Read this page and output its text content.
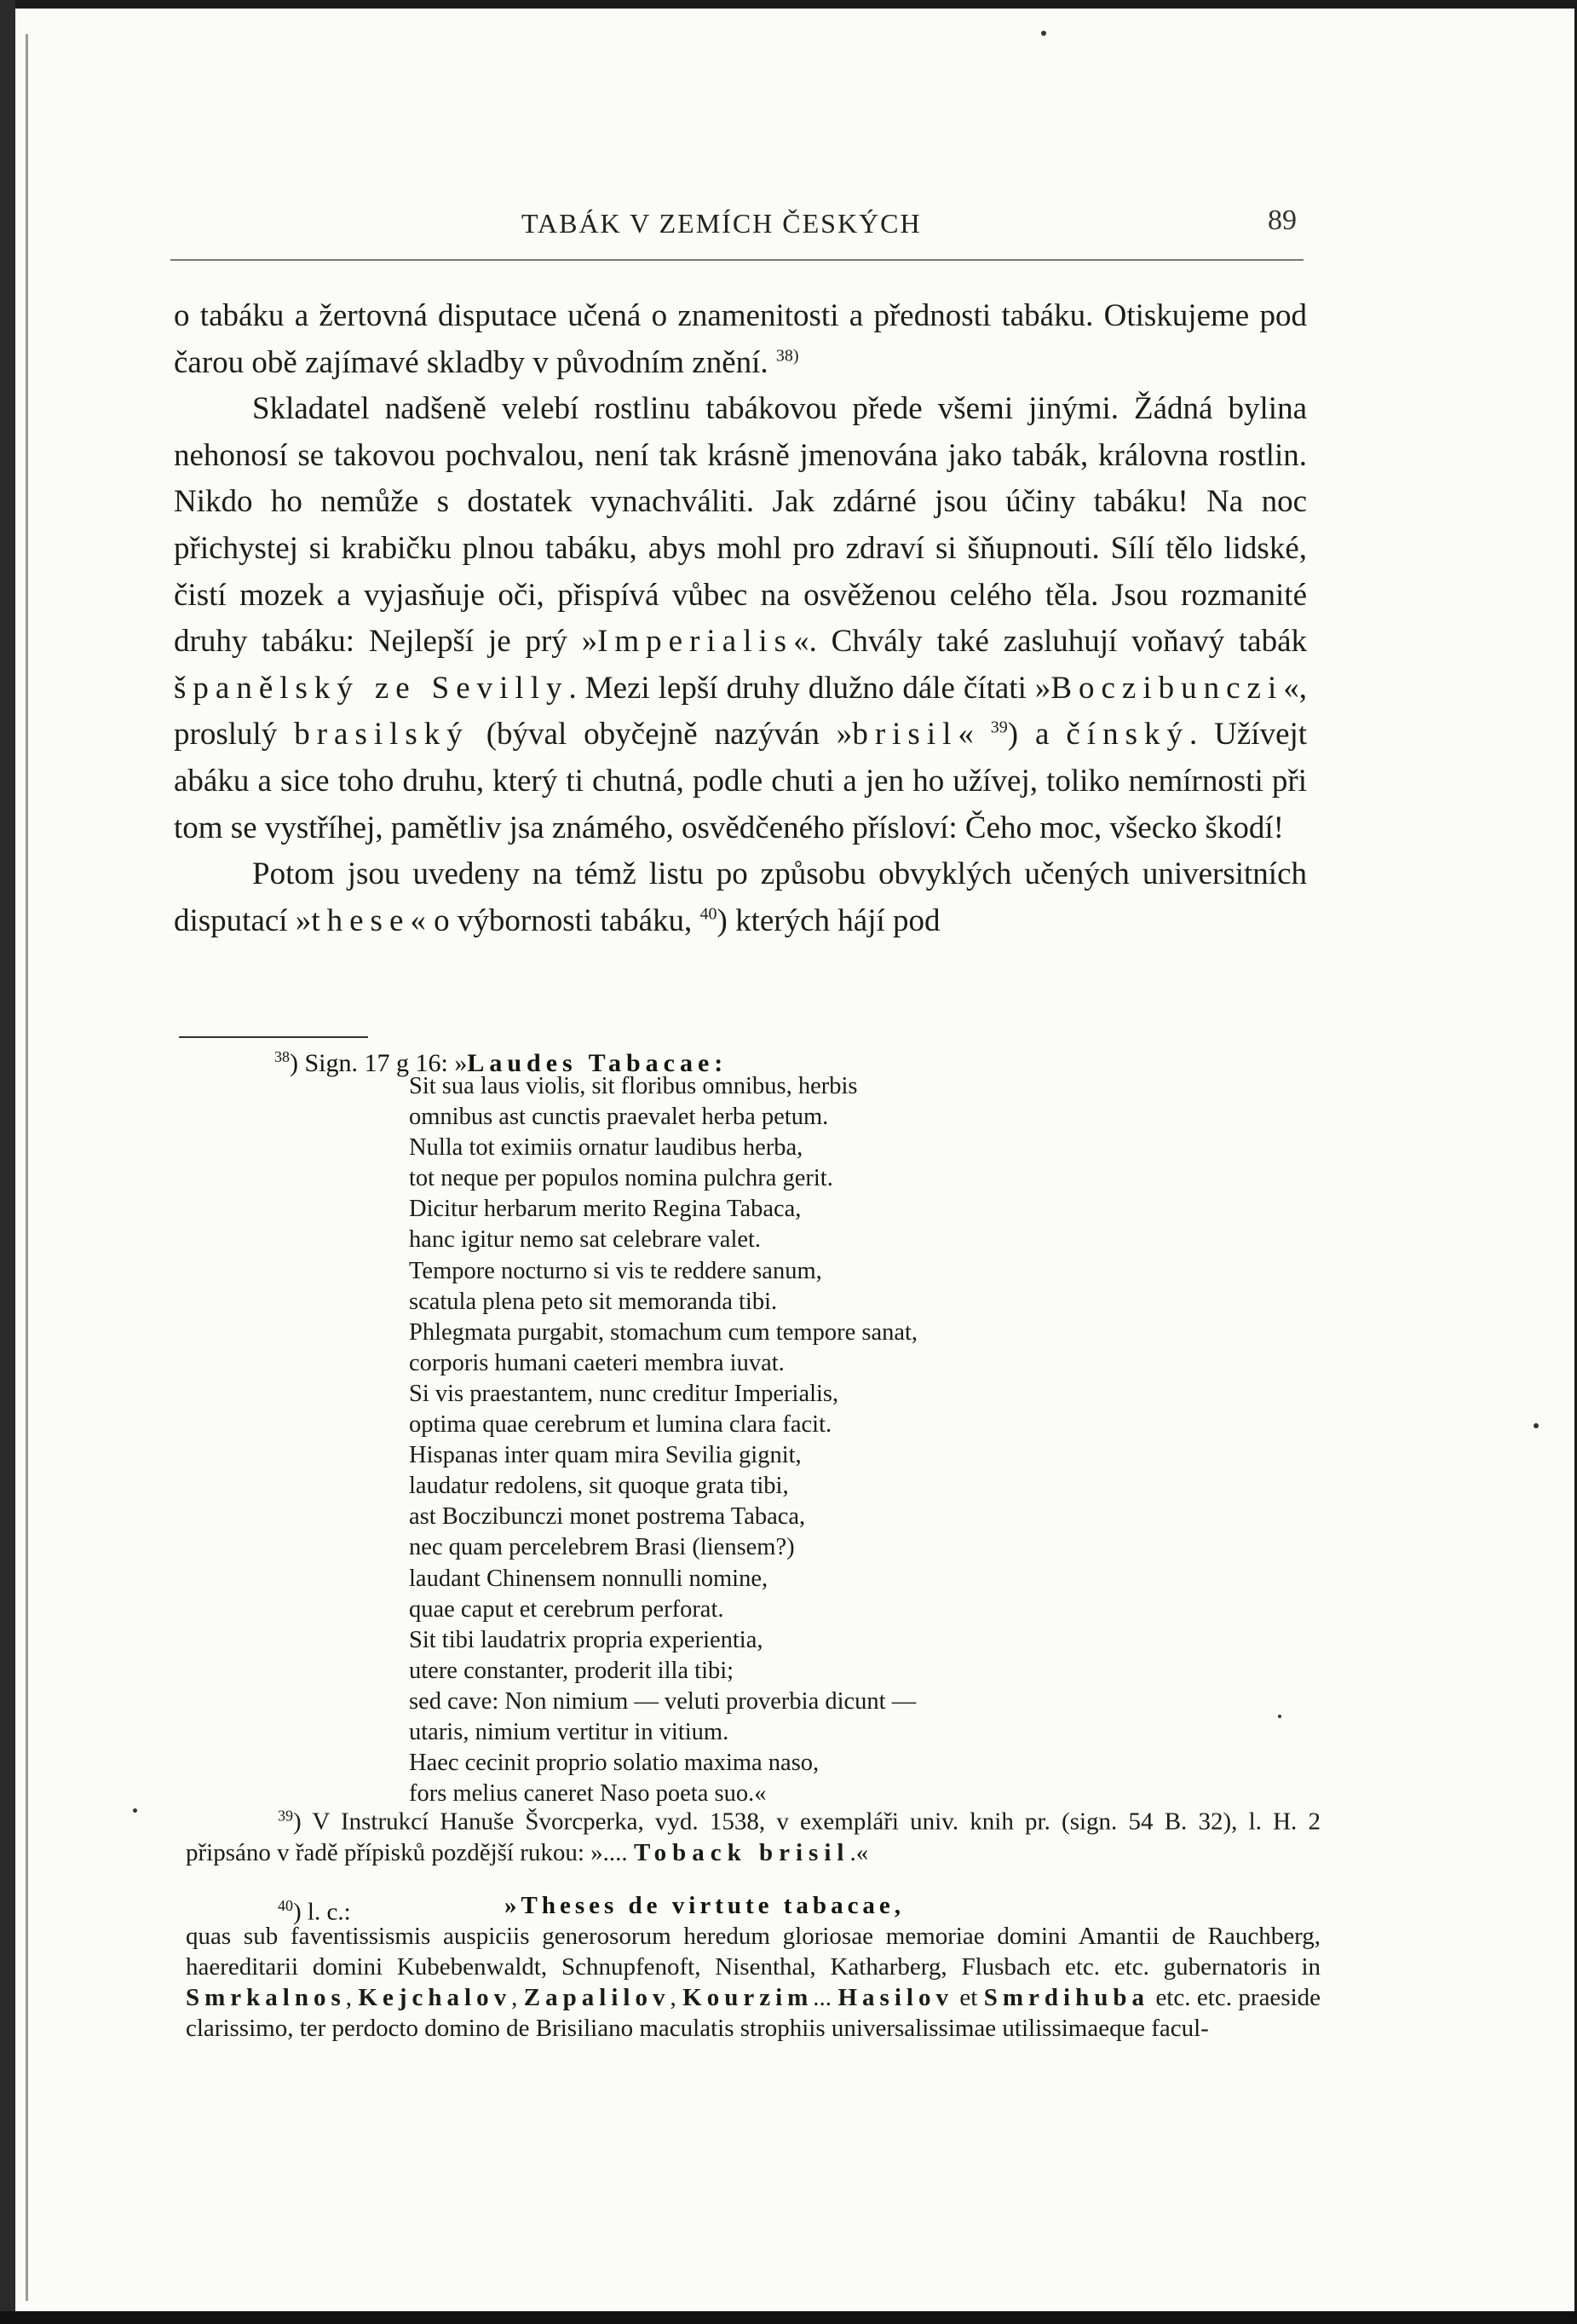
TABÁK V ZEMÍCH ČESKÝCH	89

o tabáku a žertovná disputace učená o znamenitosti a přednosti tabáku. Otiskujeme pod čarou obě zajímavé skladby v původním znění. $^{38)}$

Skladatel nadšeně velebí rostlinu tabákovou přede všemi jinými. Žádná bylina nehonosí se takovou pochvalou, není tak krásně jmenována jako tabák, královna rostlin. Nikdo ho nemůže s dostatek vynachváliti. Jak zdárné jsou účiny tabáku! Na noc přichystej si krabičku plnou tabáku, abys mohl pro zdraví si šňupnouti. Sílí tělo lidské, čistí mozek a vyjasňuje oči, přispívá vůbec na osvěženou celého těla. Jsou rozmanité druhy tabáku: Nejlepší je prý »Imperialis«. Chvály také zasluhují voňavý tabák španělský ze Sevilly. Mezi lepší druhy dlužno dále čítati »Boczibunczi«, proslulý brasilský (býval obyčejně nazýván »brisil« $^{39}$) a čínský. Užívejt abáku a sice toho druhu, který ti chutná, podle chuti a jen ho užívej, toliko nemírnosti při tom se vystříhej, pamětliv jsa známého, osvědčeného přísloví: Čeho moc, všecko škodí!

Potom jsou uvedeny na témž listu po způsobu obvyklých učených universitních disputací »these« o výbornosti tabáku, $^{40}$) kterých hájí pod

$^{38}$) Sign. 17 g 16: »Laudes Tabacae:
Sit sua laus violis, sit floribus omnibus, herbis
omnibus ast cunctis praevalet herba petum.
Nulla tot eximiis ornatur laudibus herba,
tot neque per populos nomina pulchra gerit.
Dicitur herbarum merito Regina Tabaca,
hanc igitur nemo sat celebrare valet.
Tempore nocturno si vis te reddere sanum,
scatula plena peto sit memoranda tibi.
Phlegmata purgabit, stomachum cum tempore sanat,
corporis humani caeteri membra iuvat.
Si vis praestantem, nunc creditur Imperialis,
optima quae cerebrum et lumina clara facit.
Hispanas inter quam mira Sevilia gignit,
laudatur redolens, sit quoque grata tibi,
ast Boczibunczi monet postrema Tabaca,
nec quam percelebrem Brasi (liensem?)
laudant Chinensem nonnulli nomine,
quae caput et cerebrum perforat.
Sit tibi laudatrix propria experientia,
utere constanter, proderit illa tibi;
sed cave: Non nimium — veluti proverbia dicunt —
utaris, nimium vertitur in vitium.
Haec cecinit proprio solatio maxima naso,
fors melius caneret Naso poeta suo.«
$^{39}$) V Instrukcí Hanuše Švorcperka, vyd. 1538, v exempláři univ. knih pr. (sign. 54 B. 32), l. H. 2 připsáno v řadě přípisků pozdější rukou: ».... Toback brisil.«
$^{40}$) l. c.:	»Theses de virtute tabacae,
quas sub faventissismis auspiciis generosorum heredum gloriosae memoriae domini Amantii de Rauchberg, haereditarii domini Kubebenwaldt, Schnupfenoft, Nisenthal, Katharberg, Flusbach etc. etc. gubernatoris in Smrkalnos, Kejchalov, Zapalilov, Kourzim... Hasilov et Smrdihuba etc. etc. praeside clarissimo, ter perdocto domino de Brisiliano maculatis strophiis universalissimae utilissimaeque facul-
